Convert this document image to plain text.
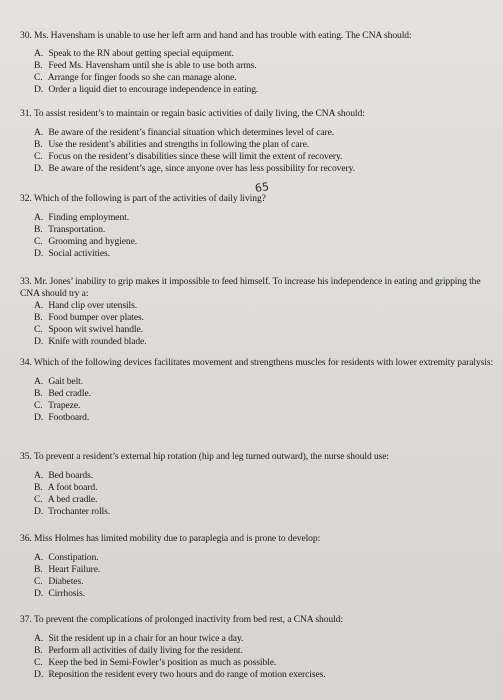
30. Ms. Havensham is unable to use her left arm and hand and has trouble with eating. The CNA should:
A. Speak to the RN about getting special equipment.
B. Feed Ms. Havensham until she is able to use both arms.
C. Arrange for finger foods so she can manage alone.
D. Order a liquid diet to encourage independence in eating.
31. To assist resident’s to maintain or regain basic activities of daily living, the CNA should:
A. Be aware of the resident’s financial situation which determines level of care.
B. Use the resident’s abilities and strengths in following the plan of care.
C. Focus on the resident’s disabilities since these will limit the extent of recovery.
D. Be aware of the resident’s age, since anyone over has less possibility for recovery.
65
32. Which of the following is part of the activities of daily living?
A. Finding employment.
B. Transportation.
C. Grooming and hygiene.
D. Social activities.
33. Mr. Jones’ inability to grip makes it impossible to feed himself. To increase his independence in eating and gripping the CNA should try a:
A. Hand clip over utensils.
B. Food bumper over plates.
C. Spoon wit swivel handle.
D. Knife with rounded blade.
34. Which of the following devices facilitates movement and strengthens muscles for residents with lower extremity paralysis:
A. Gait belt.
B. Bed cradle.
C. Trapeze.
D. Footboard.
35. To prevent a resident’s external hip rotation (hip and leg turned outward), the nurse should use:
A. Bed boards.
B. A foot board.
C. A bed cradle.
D. Trochanter rolls.
36. Miss Holmes has limited mobility due to paraplegia and is prone to develop:
A. Constipation.
B. Heart Failure.
C. Diabetes.
D. Cirrhosis.
37. To prevent the complications of prolonged inactivity from bed rest, a CNA should:
A. Sit the resident up in a chair for an hour twice a day.
B. Perform all activities of daily living for the resident.
C. Keep the bed in Semi-Fowler’s position as much as possible.
D. Reposition the resident every two hours and do range of motion exercises.
